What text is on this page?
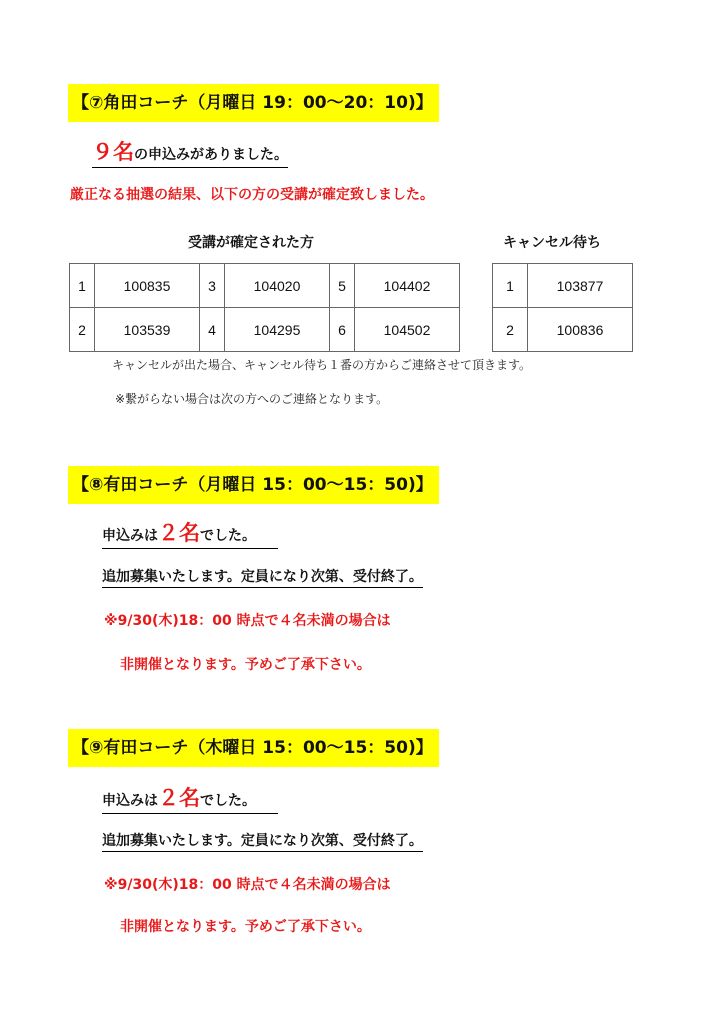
【⑦角田コーチ（月曜日 19：00～20：10)】
９名の申込みがありました。
厳正なる抽選の結果、以下の方の受講が確定致しました。
受講が確定された方	キャンセル待ち
1	100835	3	104020	5	104402
2	103539	4	104295	6	104502
1	103877
2	100836
キャンセルが出た場合、キャンセル待ち１番の方からご連絡させて頂きます。
※繋がらない場合は次の方へのご連絡となります。
【⑧有田コーチ（月曜日 15：00～15：50)】
申込みは２名でした。
追加募集いたします。定員になり次第、受付終了。
※9/30(木)18：00 時点で４名未満の場合は
非開催となります。予めご了承下さい。
【⑨有田コーチ（木曜日 15：00～15：50)】
申込みは２名でした。
追加募集いたします。定員になり次第、受付終了。
※9/30(木)18：00 時点で４名未満の場合は
非開催となります。予めご了承下さい。
